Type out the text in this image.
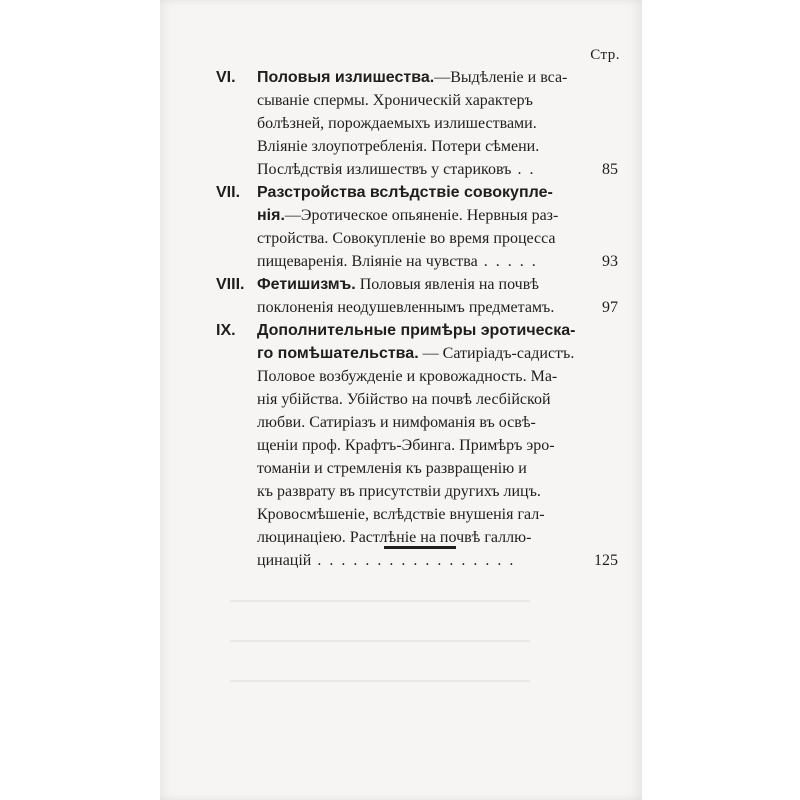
Стр.
VI. Половыя излишества.—Выдѣленіе и вса-
сываніе спермы. Хроническій характеръ
болѣзней, порождаемыхъ излишествами.
Вліяніе злоупотребленія. Потери сѣмени.
Послѣдствія излишествъ у стариковъ . .	85
VII. Разстройства вслѣдствіе совокупле-
нія.—Эротическое опьяненіе. Нервныя раз-
стройства. Совокупленіе во время процесса
пищеваренія. Вліяніе на чувства . . . . .	93
VIII. Фетишизмъ. Половыя явленія на почвѣ
поклоненія неодушевленнымъ предметамъ.	97
IX. Дополнительные примѣры эротическа-
го помѣшательства. — Сатиріадъ-садистъ.
Половое возбужденіе и кровожадность. Ма-
нія убійства. Убійство на почвѣ лесбійской
любви. Сатиріазъ и нимфоманія въ освѣ-
щеніи проф. Крафтъ-Эбинга. Примѣръ эро-
томаніи и стремленія къ развращенію и
къ разврату въ присутствіи другихъ лицъ.
Кровосмѣшеніе, вслѣдствіе внушенія гал-
люцинаціею. Растлѣніе на почвѣ галлю-
цинацій . . . . . . . . . . . . . . . . .	125
